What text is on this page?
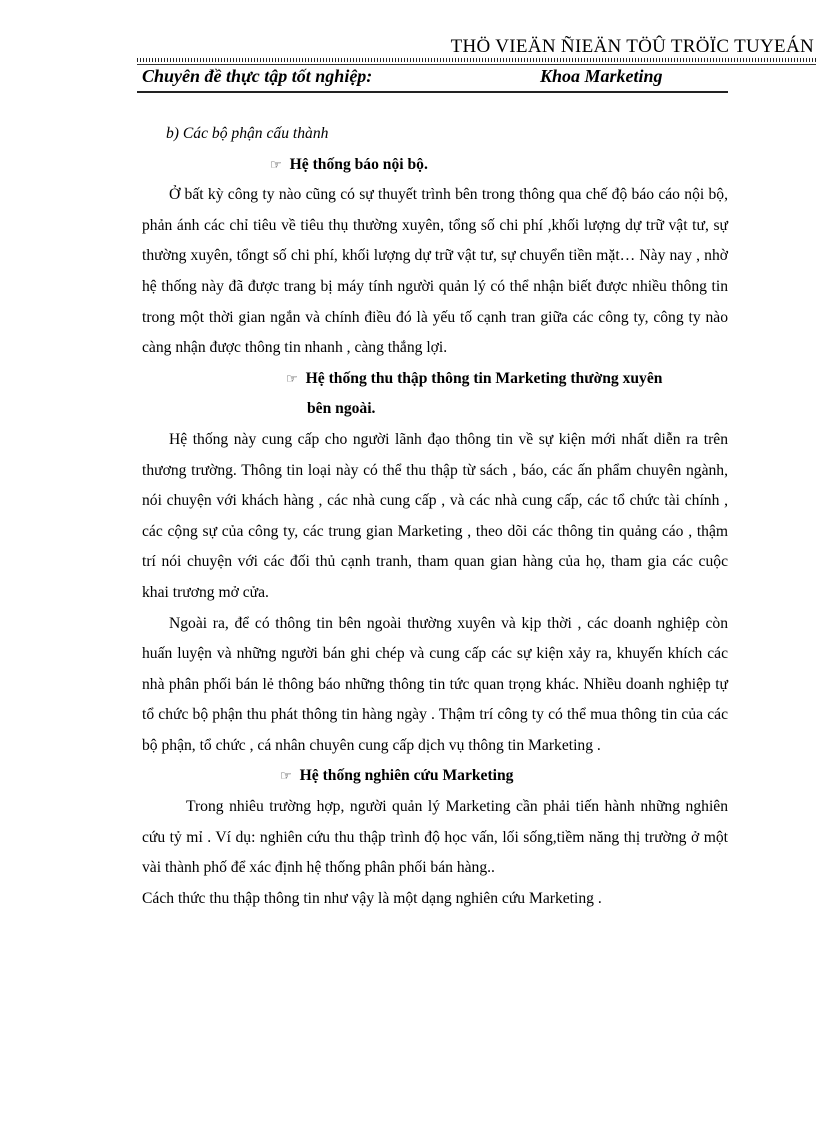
THÖ VIEÄN ÑIEÄN TÖÛ TRÖÏC TUYEÁN
Chuyên đề thực tập tốt nghiệp:	Khoa Marketing

b) Các bộ phận cấu thành

☞ Hệ thống báo nội bộ.

Ở bất kỳ công ty nào cũng có sự thuyết trình bên trong thông qua chế độ báo cáo nội bộ, phản ánh các chỉ tiêu về tiêu thụ thường xuyên, tổng số chi phí ,khối lượng dự trữ vật tư, sự thường xuyên, tổngt số chi phí, khối lượng dự trữ vật tư, sự chuyển tiền mặt… Này nay , nhờ hệ thống này đã được trang bị máy tính người quản lý có thể nhận biết được nhiều thông tin trong một thời gian ngắn và chính điều đó là yếu tố cạnh tran giữa các công ty, công ty nào càng nhận được thông tin nhanh , càng thắng lợi.

☞ Hệ thống thu thập thông tin Marketing thường xuyên

bên ngoài.

Hệ thống này cung cấp cho người lãnh đạo thông tin về sự kiện mới nhất diễn ra trên thương trường. Thông tin loại này có thể thu thập từ sách , báo, các ấn phẩm chuyên ngành, nói chuyện với khách hàng , các nhà cung cấp , và các nhà cung cấp, các tổ chức tài chính , các cộng sự của công ty, các trung gian Marketing , theo dõi các thông tin quảng cáo , thậm trí nói chuyện với các đối thủ cạnh tranh, tham quan gian hàng của họ, tham gia các cuộc khai trương mở cửa.

Ngoài ra, để có thông tin bên ngoài thường xuyên và kịp thời , các doanh nghiệp còn huấn luyện và những người bán ghi chép và cung cấp các sự kiện xảy ra, khuyến khích các nhà phân phối bán lẻ thông báo những thông tin tức quan trọng khác. Nhiều doanh nghiệp tự tổ chức bộ phận thu phát thông tin hàng ngày . Thậm trí công ty có thể mua thông tin của các bộ phận, tổ chức , cá nhân chuyên cung cấp dịch vụ thông tin Marketing .

☞ Hệ thống nghiên cứu Marketing

Trong nhiêu trường hợp, người quản lý Marketing cần phải tiến hành những nghiên cứu tỷ mỉ . Ví dụ: nghiên cứu thu thập trình độ học vấn, lối sống,tiềm năng thị trường ở một vài thành phố để xác định hệ thống phân phối bán hàng..

Cách thức thu thập thông tin như vậy là một dạng nghiên cứu Marketing .
